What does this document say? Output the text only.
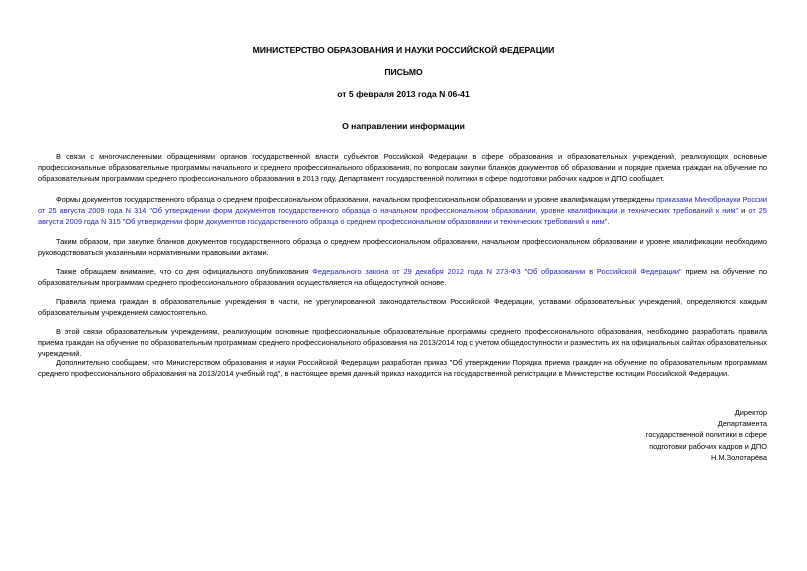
МИНИСТЕРСТВО ОБРАЗОВАНИЯ И НАУКИ РОССИЙСКОЙ ФЕДЕРАЦИИ
ПИСЬМО
от 5 февраля 2013 года N 06-41
О направлении информации

В связи с многочисленными обращениями органов государственной власти субъектов Российской Федерации в сфере образования и образовательных учреждений, реализующих основные профессиональные образовательные программы начального и среднего профессионального образования, по вопросам закупки бланков документов об образовании и порядке приема граждан на обучение по образовательным программам среднего профессионального образования в 2013 году, Департамент государственной политики в сфере подготовки рабочих кадров и ДПО сообщает.

Формы документов государственного образца о среднем профессиональном образовании, начальном профессиональном образовании и уровне квалификации утверждены приказами Минобрнауки России от 25 августа 2009 года N 314 "Об утверждении форм документов государственного образца о начальном профессиональном образовании, уровне квалификации и технических требований к ним" и от 25 августа 2009 года N 315 "Об утверждении форм документов государственного образца о среднем профессиональном образовании и технических требований к ним".

Таким образом, при закупке бланков документов государственного образца о среднем профессиональном образовании, начальном профессиональном образовании и уровне квалификации необходимо руководствоваться указанными нормативными правовыми актами.

Также обращаем внимание, что со дня официального опубликования Федерального закона от 29 декабря 2012 года N 273-ФЗ "Об образовании в Российской Федерации" прием на обучение по образовательным программам среднего профессионального образования осуществляется на общедоступной основе.

Правила приема граждан в образовательные учреждения в части, не урегулированной законодательством Российской Федерации, уставами образовательных учреждений, определяются каждым образовательным учреждением самостоятельно.

В этой связи образовательным учреждениям, реализующим основные профессиональные образовательные программы среднего профессионального образования, необходимо разработать правила приема граждан на обучение по образовательным программам среднего профессионального образования на 2013/2014 год с учетом общедоступности и разместить их на официальных сайтах образовательных учреждений.

Дополнительно сообщаем, что Министерством образования и науки Российской Федерации разработан приказ "Об утверждении Порядка приема граждан на обучение по образовательным программам среднего профессионального образования на 2013/2014 учебный год", в настоящее время данный приказ находится на государственной регистрации в Министерстве юстиции Российской Федерации.

Директор
Департамента
государственной политики в сфере
подготовки рабочих кадров и ДПО
Н.М.Золотарёва
